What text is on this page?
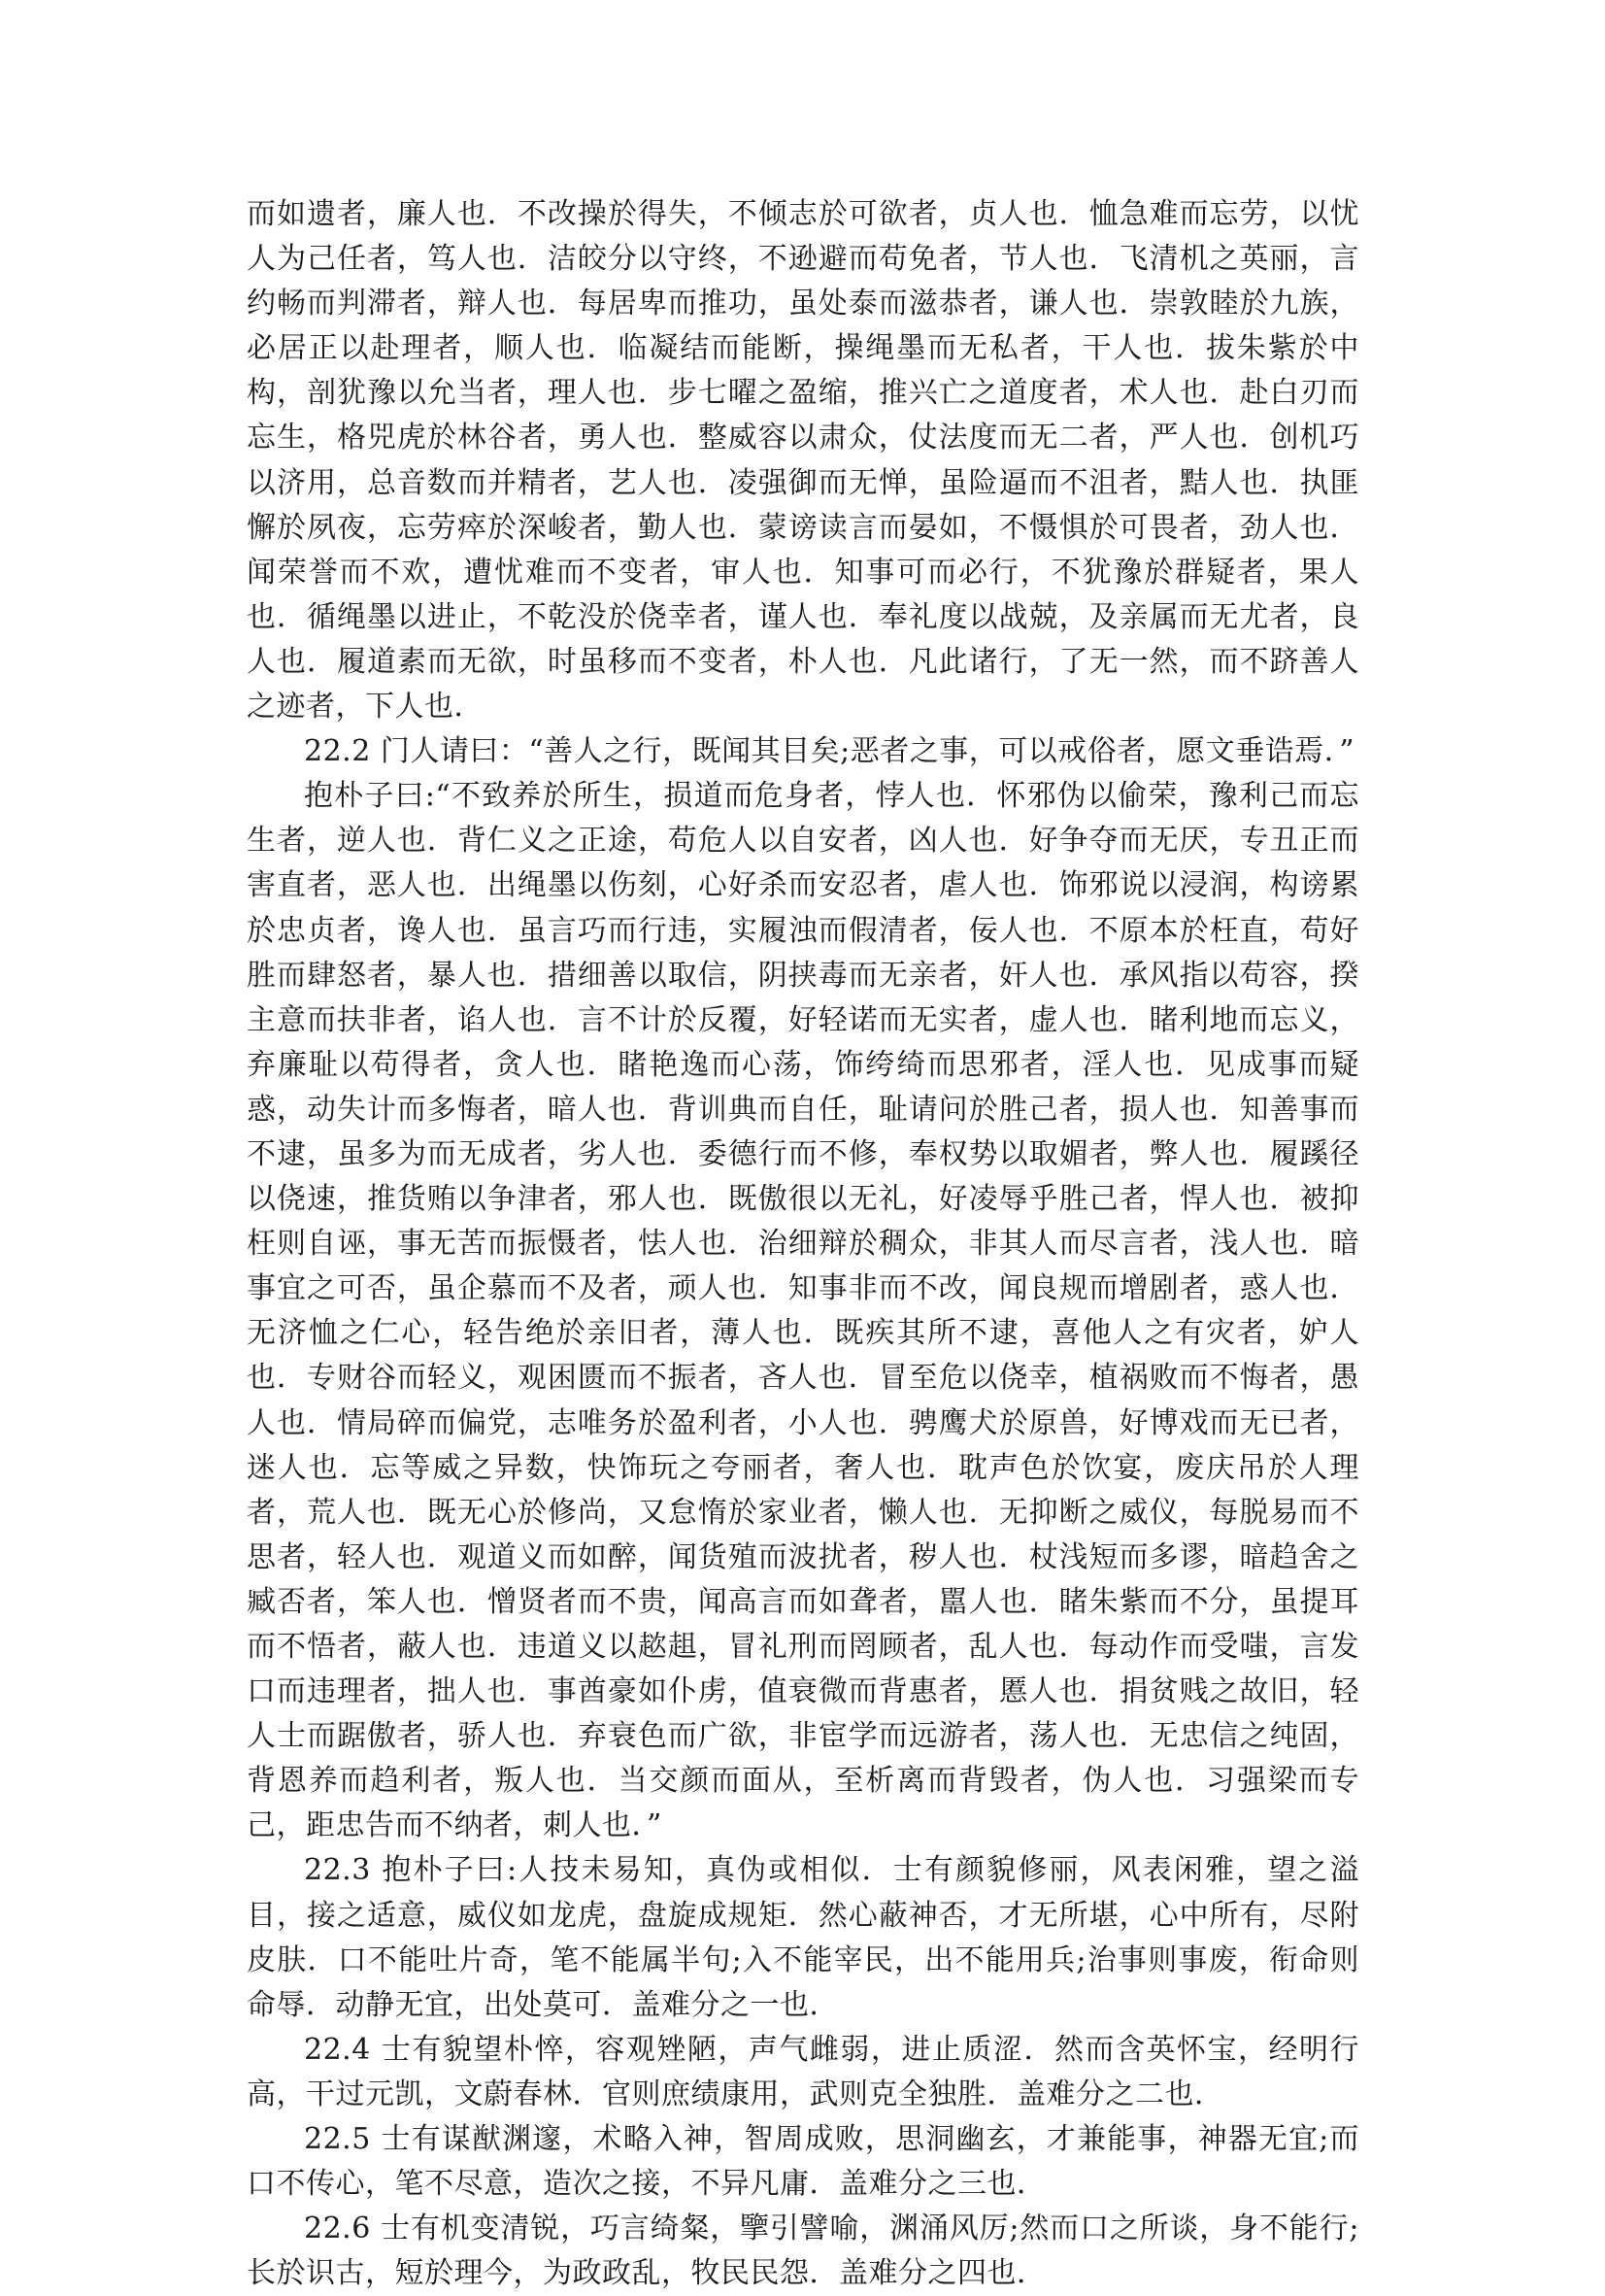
而如遗者，廉人也．不改操於得失，不倾志於可欲者，贞人也．恤急难而忘劳，以忧人为己任者，笃人也．洁皎分以守终，不逊避而苟免者，节人也．飞清机之英丽，言约畅而判滞者，辩人也．每居卑而推功，虽处泰而滋恭者，谦人也．崇敦睦於九族，必居正以赴理者，顺人也．临凝结而能断，操绳墨而无私者，干人也．拔朱紫於中构，剖犹豫以允当者，理人也．步七曜之盈缩，推兴亡之道度者，术人也．赴白刃而忘生，格兕虎於林谷者，勇人也．整威容以肃众，仗法度而无二者，严人也．创机巧以济用，总音数而并精者，艺人也．凌强御而无惮，虽险逼而不沮者，黠人也．执匪懈於夙夜，忘劳瘁於深峻者，勤人也．蒙谤读言而晏如，不慑惧於可畏者，劲人也．闻荣誉而不欢，遭忧难而不变者，审人也．知事可而必行，不犹豫於群疑者，果人也．循绳墨以进止，不乾没於侥幸者，谨人也．奉礼度以战兢，及亲属而无尤者，良人也．履道素而无欲，时虽移而不变者，朴人也．凡此诸行，了无一然，而不跻善人之迹者，下人也．

22.2 门人请曰：“善人之行，既闻其目矣;恶者之事，可以戒俗者，愿文垂诰焉．”

抱朴子曰:“不致养於所生，损道而危身者，悖人也．怀邪伪以偷荣，豫利己而忘生者，逆人也．背仁义之正途，苟危人以自安者，凶人也．好争夺而无厌，专丑正而害直者，恶人也．出绳墨以伤刻，心好杀而安忍者，虐人也．饰邪说以浸润，构谤累於忠贞者，谗人也．虽言巧而行违，实履浊而假清者，佞人也．不原本於枉直，苟好胜而肆怒者，暴人也．措细善以取信，阴挟毒而无亲者，奸人也．承风指以苟容，揆主意而扶非者，谄人也．言不计於反覆，好轻诺而无实者，虚人也．睹利地而忘义，弃廉耻以苟得者，贪人也．睹艳逸而心荡，饰绔绮而思邪者，淫人也．见成事而疑惑，动失计而多悔者，暗人也．背训典而自任，耻请问於胜己者，损人也．知善事而不逮，虽多为而无成者，劣人也．委德行而不修，奉权势以取媚者，弊人也．履蹊径以侥速，推货贿以争津者，邪人也．既傲很以无礼，好凌辱乎胜己者，悍人也．被抑枉则自诬，事无苦而振慑者，怯人也．治细辩於稠众，非其人而尽言者，浅人也．暗事宜之可否，虽企慕而不及者，顽人也．知事非而不改，闻良规而增剧者，惑人也．无济恤之仁心，轻告绝於亲旧者，薄人也．既疾其所不逮，喜他人之有灾者，妒人也．专财谷而轻义，观困匮而不振者，吝人也．冒至危以侥幸，植祸败而不悔者，愚人也．情局碎而偏党，志唯务於盈利者，小人也．骋鹰犬於原兽，好博戏而无已者，迷人也．忘等威之异数，快饰玩之夸丽者，奢人也．耽声色於饮宴，废庆吊於人理者，荒人也．既无心於修尚，又怠惰於家业者，懒人也．无抑断之威仪，每脱易而不思者，轻人也．观道义而如醉，闻货殖而波扰者，秽人也．杖浅短而多谬，暗趋舍之臧否者，笨人也．憎贤者而不贵，闻高言而如聋者，嚚人也．睹朱紫而不分，虽提耳而不悟者，蔽人也．违道义以趑趄，冒礼刑而罔顾者，乱人也．每动作而受嗤，言发口而违理者，拙人也．事酋豪如仆虏，值衰微而背惠者，慝人也．捐贫贱之故旧，轻人士而踞傲者，骄人也．弃衰色而广欲，非宦学而远游者，荡人也．无忠信之纯固，背恩养而趋利者，叛人也．当交颜而面从，至析离而背毁者，伪人也．习强梁而专己，距忠告而不纳者，刺人也．”

22.3 抱朴子曰:人技未易知，真伪或相似．士有颜貌修丽，风表闲雅，望之溢目，接之适意，威仪如龙虎，盘旋成规矩．然心蔽神否，才无所堪，心中所有，尽附皮肤．口不能吐片奇，笔不能属半句;入不能宰民，出不能用兵;治事则事废，衔命则命辱．动静无宜，出处莫可．盖难分之一也．

22.4 士有貌望朴悴，容观矬陋，声气雌弱，进止质涩．然而含英怀宝，经明行高，干过元凯，文蔚春林．官则庶绩康用，武则克全独胜．盖难分之二也．

22.5 士有谋猷渊邃，术略入神，智周成败，思洞幽玄，才兼能事，神器无宜;而口不传心，笔不尽意，造次之接，不异凡庸．盖难分之三也．

22.6 士有机变清锐，巧言绮粲，擥引譬喻，渊涌风厉;然而口之所谈，身不能行;长於识古，短於理今，为政政乱，牧民民怨．盖难分之四也．
